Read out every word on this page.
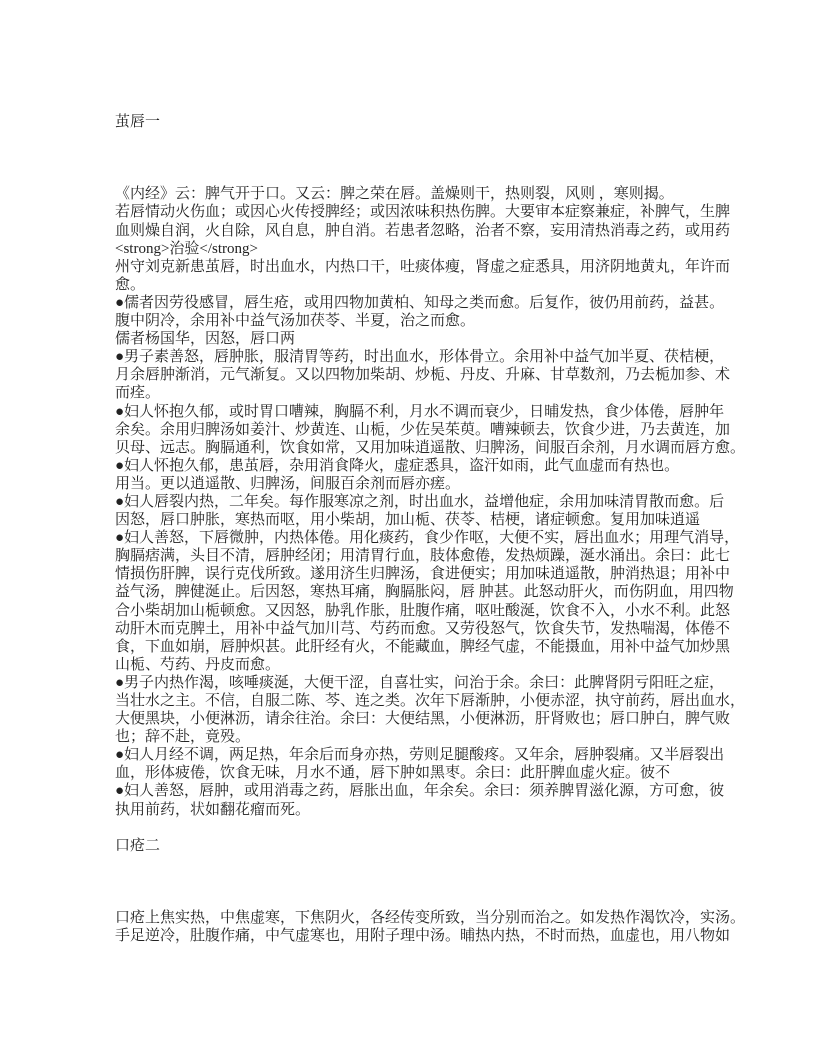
茧唇一
《内经》云：脾气开于口。又云：脾之荣在唇。盖燥则干，热则裂，风则 ，寒则揭。
若唇情动火伤血；或因心火传授脾经；或因浓味积热伤脾。大要审本症察兼症，补脾气，生脾
血则燥自润，火自除，风自息，肿自消。若患者忽略，治者不察，妄用清热消毒之药，或用药
<strong>治验</strong>
州守刘克新患茧唇，时出血水，内热口干，吐痰体瘦，肾虚之症悉具，用济阴地黄丸，年许而
愈。
●儒者因劳役感冒，唇生疮，或用四物加黄柏、知母之类而愈。后复作，彼仍用前药，益甚。
腹中阴冷，余用补中益气汤加茯苓、半夏，治之而愈。
儒者杨国华，因怒，唇口两
●男子素善怒，唇肿胀，服清胃等药，时出血水，形体骨立。余用补中益气加半夏、茯桔梗，
月余唇肿渐消，元气渐复。又以四物加柴胡、炒栀、丹皮、升麻、甘草数剂，乃去栀加参、术
而痊。
●妇人怀抱久郁，或时胃口嘈辣，胸膈不利，月水不调而衰少，日晡发热，食少体倦，唇肿年
余矣。余用归脾汤如姜汁、炒黄连、山栀，少佐吴茱萸。嘈辣顿去，饮食少进，乃去黄连，加
贝母、远志。胸膈通利，饮食如常，又用加味逍遥散、归脾汤，间服百余剂，月水调而唇方愈。
●妇人怀抱久郁，患茧唇，杂用消食降火，虚症悉具，盗汗如雨，此气血虚而有热也。
用当。更以逍遥散、归脾汤，间服百余剂而唇亦瘥。
●妇人唇裂内热，二年矣。每作服寒凉之剂，时出血水，益增他症，余用加味清胃散而愈。后
因怒，唇口肿胀，寒热而呕，用小柴胡，加山栀、茯苓、桔梗，诸症顿愈。复用加味逍遥
●妇人善怒，下唇微肿，内热体倦。用化痰药，食少作呕，大便不实，唇出血水；用理气消导，
胸膈痞满，头目不清，唇肿经闭；用清胃行血，肢体愈倦，发热烦躁，涎水涌出。余曰：此七
情损伤肝脾，误行克伐所致。遂用济生归脾汤，食进便实；用加味逍遥散，肿消热退；用补中
益气汤，脾健涎止。后因怒，寒热耳痛，胸膈胀闷，唇 肿甚。此怒动肝火，而伤阴血，用四物
合小柴胡加山栀顿愈。又因怒，胁乳作胀，肚腹作痛，呕吐酸涎，饮食不入，小水不利。此怒
动肝木而克脾土，用补中益气加川芎、芍药而愈。又劳役怒气，饮食失节，发热喘渴，体倦不
食，下血如崩，唇肿炽甚。此肝经有火，不能藏血，脾经气虚，不能摄血，用补中益气加炒黑
山栀、芍药、丹皮而愈。
●男子内热作渴，咳唾痰涎，大便干涩，自喜壮实，问治于余。余曰：此脾肾阴亏阳旺之症，
当壮水之主。不信，自服二陈、芩、连之类。次年下唇渐肿，小便赤涩，执守前药，唇出血水，
大便黑块，小便淋沥，请余往治。余曰：大便结黑，小便淋沥，肝肾败也；唇口肿白，脾气败
也；辞不赴，竟殁。
●妇人月经不调，两足热，年余后而身亦热，劳则足腿酸疼。又年余，唇肿裂痛。又半唇裂出
血，形体疲倦，饮食无味，月水不通，唇下肿如黑枣。余曰：此肝脾血虚火症。彼不
●妇人善怒，唇肿，或用消毒之药，唇胀出血，年余矣。余曰：须养脾胃滋化源，方可愈，彼
执用前药，状如翻花瘤而死。
口疮二
口疮上焦实热，中焦虚寒，下焦阴火，各经传变所致，当分别而治之。如发热作渴饮冷，实汤。
手足逆冷，肚腹作痛，中气虚寒也，用附子理中汤。晡热内热，不时而热，血虚也，用八物如
